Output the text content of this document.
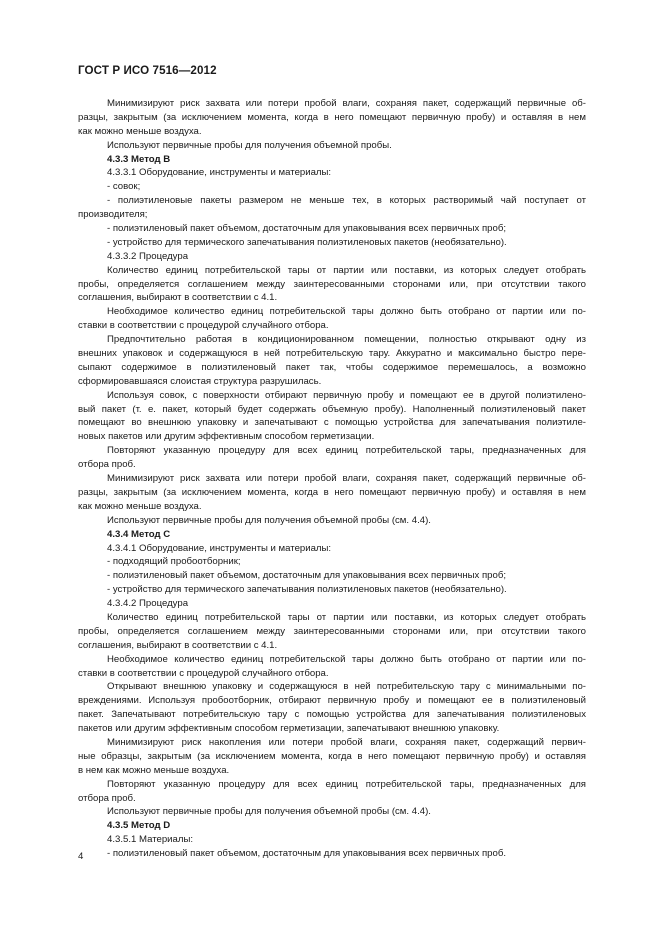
ГОСТ Р ИСО 7516—2012
Минимизируют риск захвата или потери пробой влаги, сохраняя пакет, содержащий первичные об-
разцы, закрытым (за исключением момента, когда в него помещают первичную пробу) и оставляя в нем
как можно меньше воздуха.
Используют первичные пробы для получения объемной пробы.
4.3.3 Метод В
4.3.3.1 Оборудование, инструменты и материалы:
- совок;
- полиэтиленовые пакеты размером не меньше тех, в которых растворимый чай поступает от
производителя;
- полиэтиленовый пакет объемом, достаточным для упаковывания всех первичных проб;
- устройство для термического запечатывания полиэтиленовых пакетов (необязательно).
4.3.3.2 Процедура
Количество единиц потребительской тары от партии или поставки, из которых следует отобрать
пробы, определяется соглашением между заинтересованными сторонами или, при отсутствии такого
соглашения, выбирают в соответствии с 4.1.
Необходимое количество единиц потребительской тары должно быть отобрано от партии или по-
ставки в соответствии с процедурой случайного отбора.
Предпочтительно работая в кондиционированном помещении, полностью открывают одну из
внешних упаковок и содержащуюся в ней потребительскую тару. Аккуратно и максимально быстро пере-
сыпают содержимое в полиэтиленовый пакет так, чтобы содержимое перемешалось, а возможно
сформировавшаяся слоистая структура разрушилась.
Используя совок, с поверхности отбирают первичную пробу и помещают ее в другой полиэтилено-
вый пакет (т. е. пакет, который будет содержать объемную пробу). Наполненный полиэтиленовый пакет
помещают во внешнюю упаковку и запечатывают с помощью устройства для запечатывания полиэтиле-
новых пакетов или другим эффективным способом герметизации.
Повторяют указанную процедуру для всех единиц потребительской тары, предназначенных для
отбора проб.
Минимизируют риск захвата или потери пробой влаги, сохраняя пакет, содержащий первичные об-
разцы, закрытым (за исключением момента, когда в него помещают первичную пробу) и оставляя в нем
как можно меньше воздуха.
Используют первичные пробы для получения объемной пробы (см. 4.4).
4.3.4 Метод С
4.3.4.1 Оборудование, инструменты и материалы:
- подходящий пробоотборник;
- полиэтиленовый пакет объемом, достаточным для упаковывания всех первичных проб;
- устройство для термического запечатывания полиэтиленовых пакетов (необязательно).
4.3.4.2 Процедура
Количество единиц потребительской тары от партии или поставки, из которых следует отобрать
пробы, определяется соглашением между заинтересованными сторонами или, при отсутствии такого
соглашения, выбирают в соответствии с 4.1.
Необходимое количество единиц потребительской тары должно быть отобрано от партии или по-
ставки в соответствии с процедурой случайного отбора.
Открывают внешнюю упаковку и содержащуюся в ней потребительскую тару с минимальными по-
вреждениями. Используя пробоотборник, отбирают первичную пробу и помещают ее в полиэтиленовый
пакет. Запечатывают потребительскую тару с помощью устройства для запечатывания полиэтиленовых
пакетов или другим эффективным способом герметизации, запечатывают внешнюю упаковку.
Минимизируют риск накопления или потери пробой влаги, сохраняя пакет, содержащий первич-
ные образцы, закрытым (за исключением момента, когда в него помещают первичную пробу) и оставляя
в нем как можно меньше воздуха.
Повторяют указанную процедуру для всех единиц потребительской тары, предназначенных для
отбора проб.
Используют первичные пробы для получения объемной пробы (см. 4.4).
4.3.5 Метод D
4.3.5.1 Материалы:
- полиэтиленовый пакет объемом, достаточным для упаковывания всех первичных проб.
4
